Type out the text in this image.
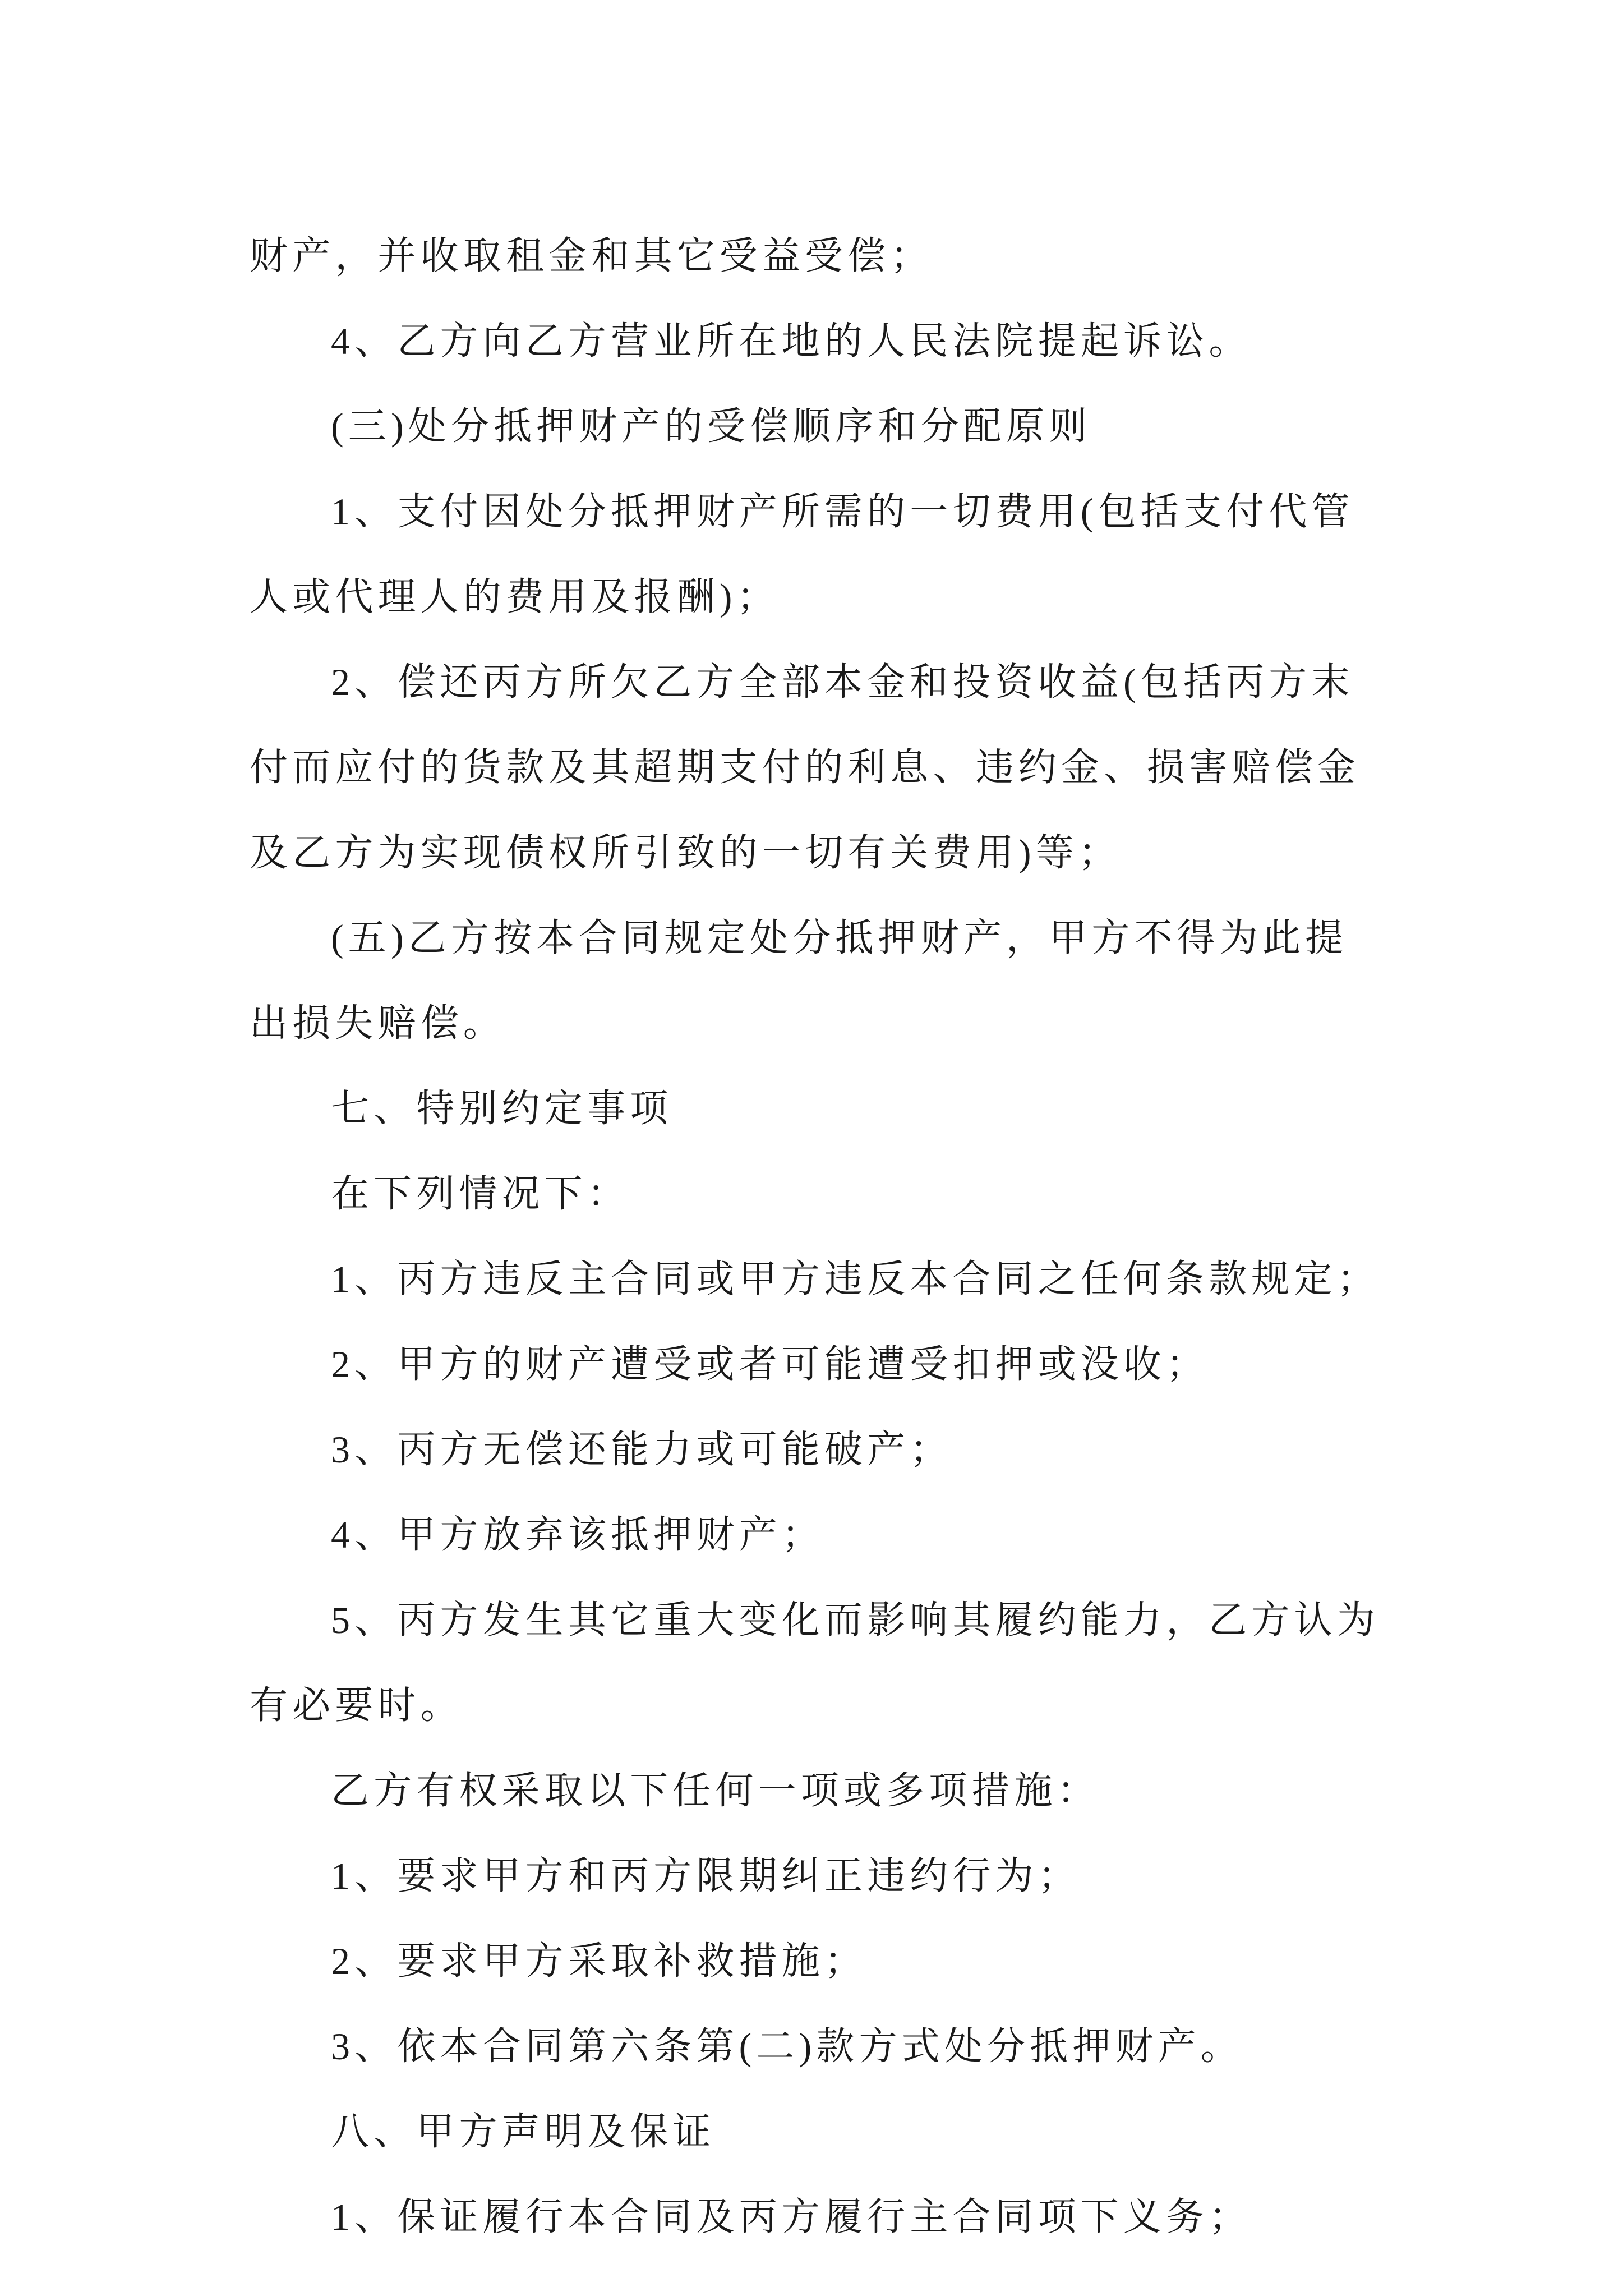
财产，并收取租金和其它受益受偿；

4、乙方向乙方营业所在地的人民法院提起诉讼。

(三)处分抵押财产的受偿顺序和分配原则

1、支付因处分抵押财产所需的一切费用(包括支付代管人或代理人的费用及报酬)；

2、偿还丙方所欠乙方全部本金和投资收益(包括丙方末付而应付的货款及其超期支付的利息、违约金、损害赔偿金及乙方为实现债权所引致的一切有关费用)等；

(五)乙方按本合同规定处分抵押财产，甲方不得为此提出损失赔偿。

七、特别约定事项

在下列情况下：

1、丙方违反主合同或甲方违反本合同之任何条款规定；

2、甲方的财产遭受或者可能遭受扣押或没收；

3、丙方无偿还能力或可能破产；

4、甲方放弃该抵押财产；

5、丙方发生其它重大变化而影响其履约能力，乙方认为有必要时。

乙方有权采取以下任何一项或多项措施：

1、要求甲方和丙方限期纠正违约行为；

2、要求甲方采取补救措施；

3、依本合同第六条第(二)款方式处分抵押财产。

八、甲方声明及保证

1、保证履行本合同及丙方履行主合同项下义务；
